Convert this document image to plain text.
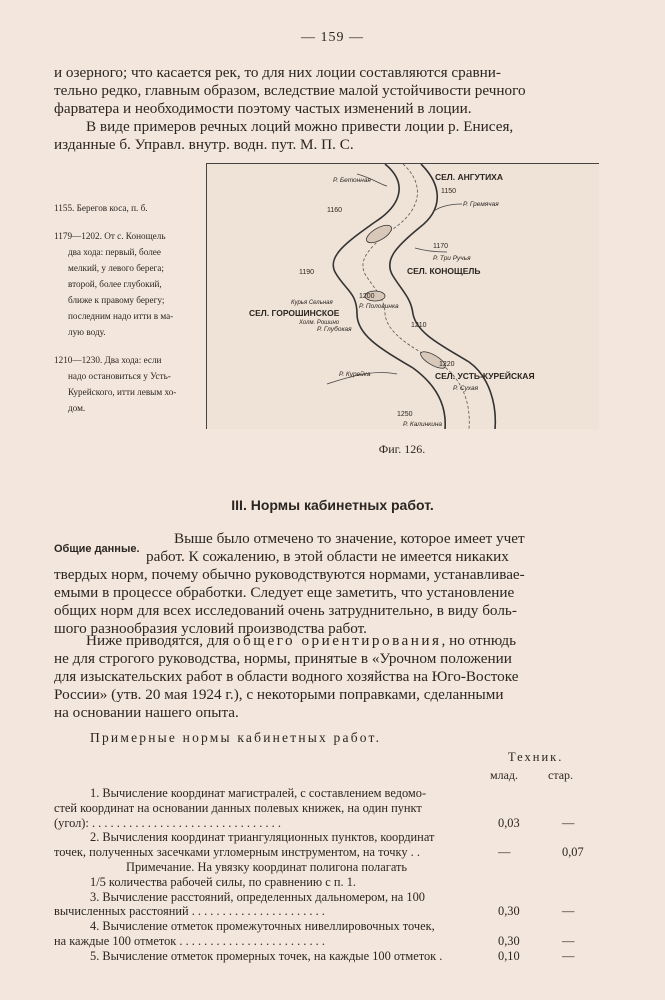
— 159 —
и озерного; что касается рек, то для них лоции составляются сравни-
тельно редко, главным образом, вследствие малой устойчивости речного
фарватера и необходимости поэтому частых изменений в лоции.
В виде примеров речных лоций можно привести лоции р. Енисея,
изданные б. Управл. внутр. водн. пут. М. П. С.
1155. Берегов коса, п. б.
1179—1202. От с. Конощель
два хода: первый, более
мелкий, у левого берега;
второй, более глубокий,
ближе к правому берегу;
последним надо итти в ма-
лую воду.
1210—1230. Два хода: если
надо остановиться у Усть-
Курейского, итти левым хо-
дом.
СЕЛ. АНГУТИХА
1150
Р. Бетонная
1160
Р. Гремячая
1170
Р. Три Ручья
1190	СЕЛ. КОНОЩЕЛЬ
1200
Р. Половинка
Курья Сельная
СЕЛ. ГОРОШИНСКОЕ
Холм. Рошино
Р. Глубокая
1210
1220
СЕЛ. УСТЬ-КУРЕЙСКАЯ
Р. Курейка
Р. Сухая
1250
Р. Калинкина
Фиг. 126.
III. Нормы кабинетных работ.
Общие данные.
Выше было отмечено то значение, которое имеет учет
работ. К сожалению, в этой области не имеется никаких
твердых норм, почему обычно руководствуются нормами, устанавливае-
емыми в процессе обработки. Следует еще заметить, что установление
общих норм для всех исследований очень затруднительно, в виду боль-
шого разнообразия условий производства работ.
Ниже приводятся, для общего ориентирования, но отнюдь
не для строгого руководства, нормы, принятые в «Урочном положении
для изыскательских работ в области водного хозяйства на Юго-Востоке
России» (утв. 20 мая 1924 г.), с некоторыми поправками, сделанными
на основании нашего опыта.
Примерные нормы кабинетных работ.
Техник.
млад. стар.
1. Вычисление координат магистралей, с составлением ведомо-
стей координат на основании данных полевых книжек, на один пункт
(угол): . . . . . . . . . . . . . . . . . . . . . . . . . . . . . . .	0,03	—
2. Вычисления координат триангуляционных пунктов, координат
точек, полученных засечками угломерным инструментом, на точку . .	—	0,07
Примечание. На увязку координат полигона полагать
1/5 количества рабочей силы, по сравнению с п. 1.
3. Вычисление расстояний, определенных дальномером, на 100
вычисленных расстояний . . . . . . . . . . . . . . . . . . . . . .	0,30	—
4. Вычисление отметок промежуточных нивеллировочных точек,
на каждые 100 отметок . . . . . . . . . . . . . . . . . . . . . . . .	0,30	—
5. Вычисление отметок промерных точек, на каждые 100 отметок .	0,10	—
